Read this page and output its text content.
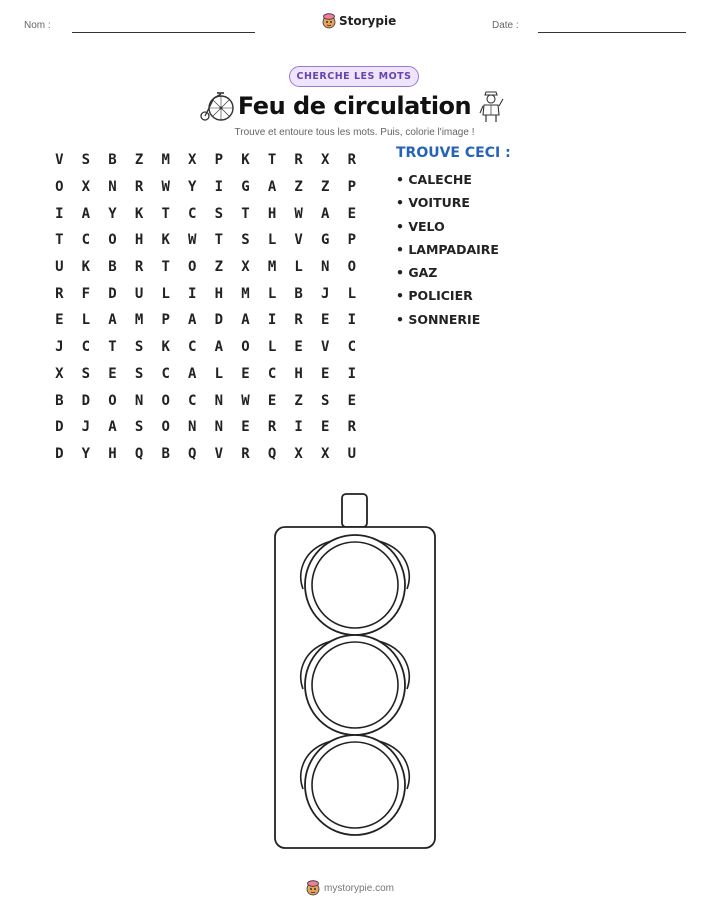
Nom :	Storypie	Date :
CHERCHE LES MOTS
Feu de circulation
Trouve et entoure tous les mots. Puis, colorie l'image !
V	S	B	Z	M	X	P	K	T	R	X	R
O	X	N	R	W	Y	I	G	A	Z	Z	P
I	A	Y	K	T	C	S	T	H	W	A	E
T	C	O	H	K	W	T	S	L	V	G	P
U	K	B	R	T	O	Z	X	M	L	N	O
R	F	D	U	L	I	H	M	L	B	J	L
E	L	A	M	P	A	D	A	I	R	E	I
J	C	T	S	K	C	A	O	L	E	V	C
X	S	E	S	C	A	L	E	C	H	E	I
B	D	O	N	O	C	N	W	E	Z	S	E
D	J	A	S	O	N	N	E	R	I	E	R
D	Y	H	Q	B	Q	V	R	Q	X	X	U
TROUVE CECI :
• CALECHE
• VOITURE
• VELO
• LAMPADAIRE
• GAZ
• POLICIER
• SONNERIE
mystorypie.com
